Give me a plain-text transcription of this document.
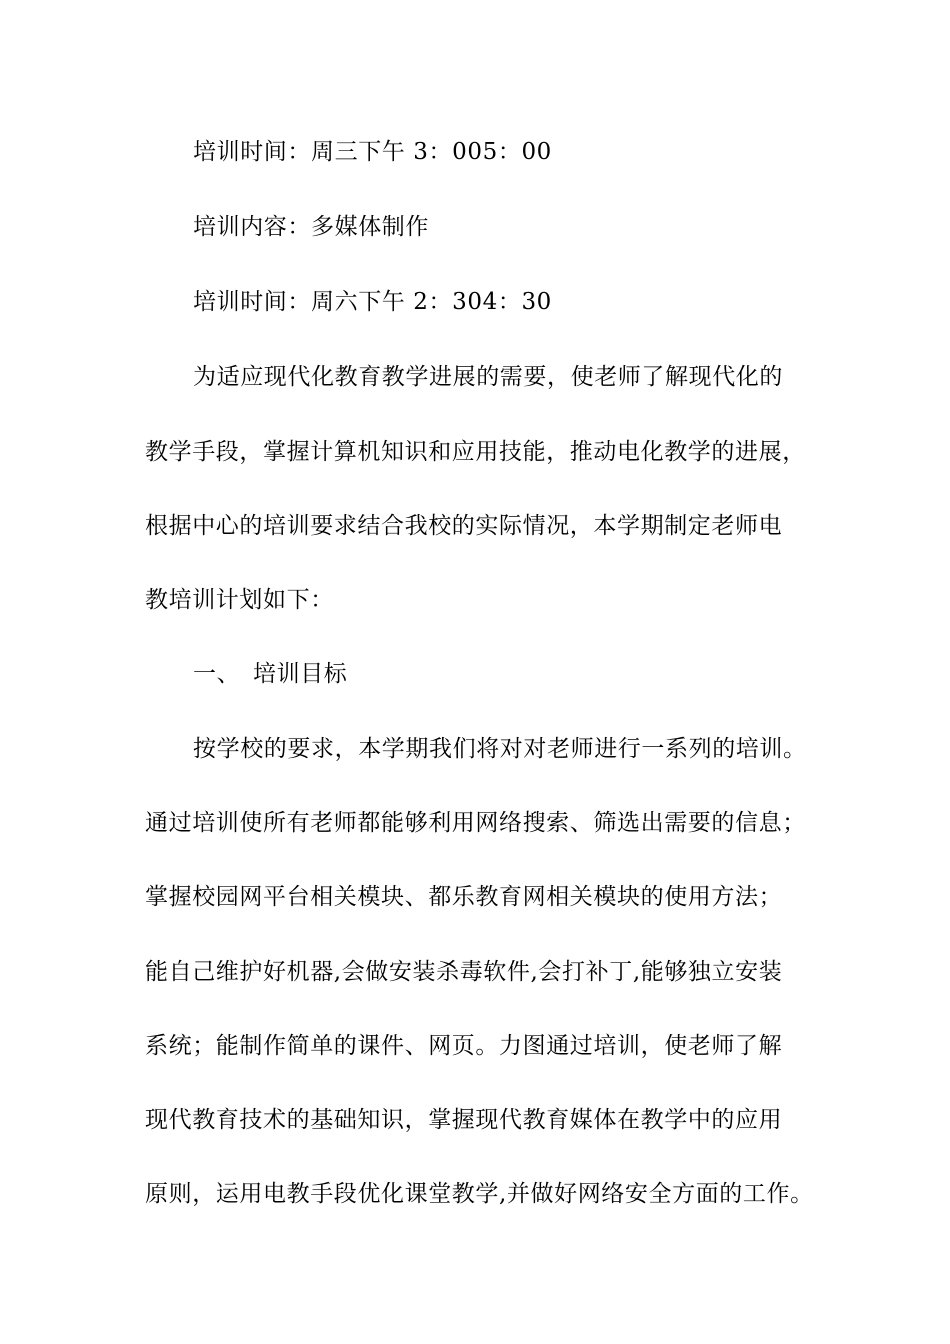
培训时间：周三下午 3：005：00
培训内容：多媒体制作
培训时间：周六下午 2：304：30
为适应现代化教育教学进展的需要，使老师了解现代化的
教学手段，掌握计算机知识和应用技能，推动电化教学的进展，
根据中心的培训要求结合我校的实际情况，本学期制定老师电
教培训计划如下：
一、 培训目标
按学校的要求，本学期我们将对对老师进行一系列的培训。
通过培训使所有老师都能够利用网络搜索、筛选出需要的信息；
掌握校园网平台相关模块、都乐教育网相关模块的使用方法；
能自己维护好机器,会做安装杀毒软件,会打补丁,能够独立安装
系统；能制作简单的课件、网页。力图通过培训，使老师了解
现代教育技术的基础知识，掌握现代教育媒体在教学中的应用
原则，运用电教手段优化课堂教学,并做好网络安全方面的工作。
